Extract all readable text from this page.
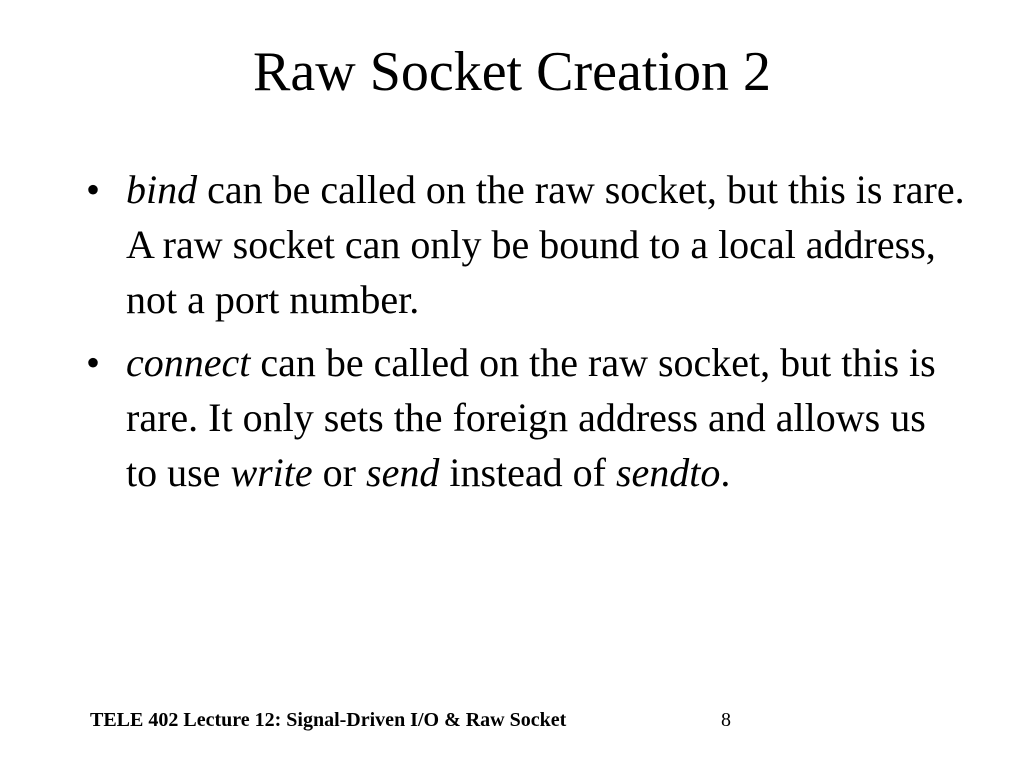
Raw Socket Creation 2
• bind can be called on the raw socket, but this is rare. A raw socket can only be bound to a local address, not a port number.
• connect can be called on the raw socket, but this is rare. It only sets the foreign address and allows us to use write or send instead of sendto.
TELE 402 Lecture 12: Signal-Driven I/O & Raw Socket	8
